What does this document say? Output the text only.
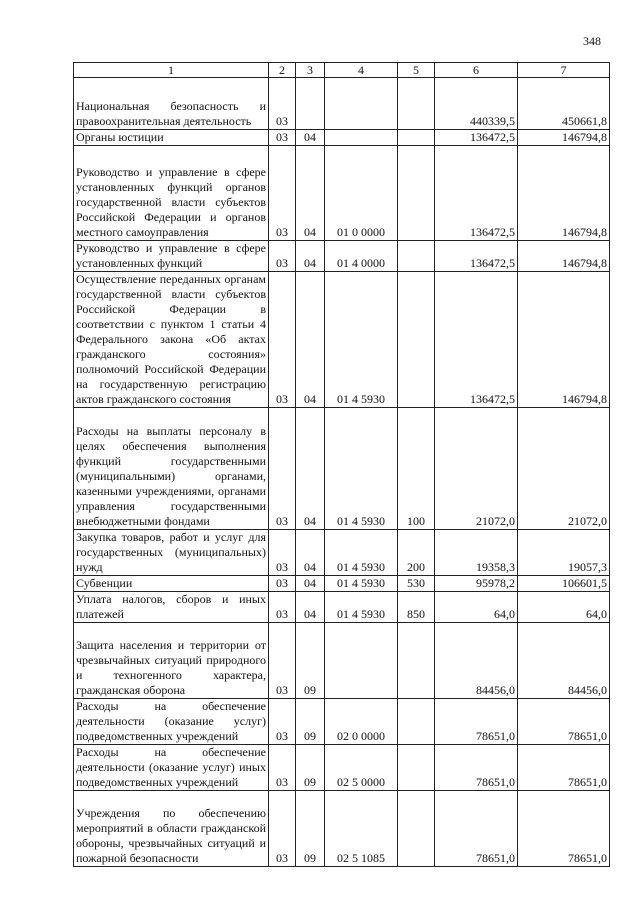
348
1	2	3	4	5	6	7
Национальная безопасность и правоохранительная деятельность	03				440339,5	450661,8
Органы юстиции	03	04			136472,5	146794,8
Руководство и управление в сфере установленных функций органов государственной власти субъектов Российской Федерации и органов местного самоуправления	03	04	01 0 0000		136472,5	146794,8
Руководство и управление в сфере установленных функций	03	04	01 4 0000		136472,5	146794,8
Осуществление переданных органам государственной власти субъектов Российской Федерации в соответствии с пунктом 1 статьи 4 Федерального закона «Об актах гражданского состояния» полномочий Российской Федерации на государственную регистрацию актов гражданского состояния	03	04	01 4 5930		136472,5	146794,8
Расходы на выплаты персоналу в целях обеспечения выполнения функций государственными (муниципальными) органами, казенными учреждениями, органами управления государственными внебюджетными фондами	03	04	01 4 5930	100	21072,0	21072,0
Закупка товаров, работ и услуг для государственных (муниципальных) нужд	03	04	01 4 5930	200	19358,3	19057,3
Субвенции	03	04	01 4 5930	530	95978,2	106601,5
Уплата налогов, сборов и иных платежей	03	04	01 4 5930	850	64,0	64,0
Защита населения и территории от чрезвычайных ситуаций природного и техногенного характера, гражданская оборона	03	09			84456,0	84456,0
Расходы на обеспечение деятельности (оказание услуг) подведомственных учреждений	03	09	02 0 0000		78651,0	78651,0
Расходы на обеспечение деятельности (оказание услуг) иных подведомственных учреждений	03	09	02 5 0000		78651,0	78651,0
Учреждения по обеспечению мероприятий в области гражданской обороны, чрезвычайных ситуаций и пожарной безопасности	03	09	02 5 1085		78651,0	78651,0
